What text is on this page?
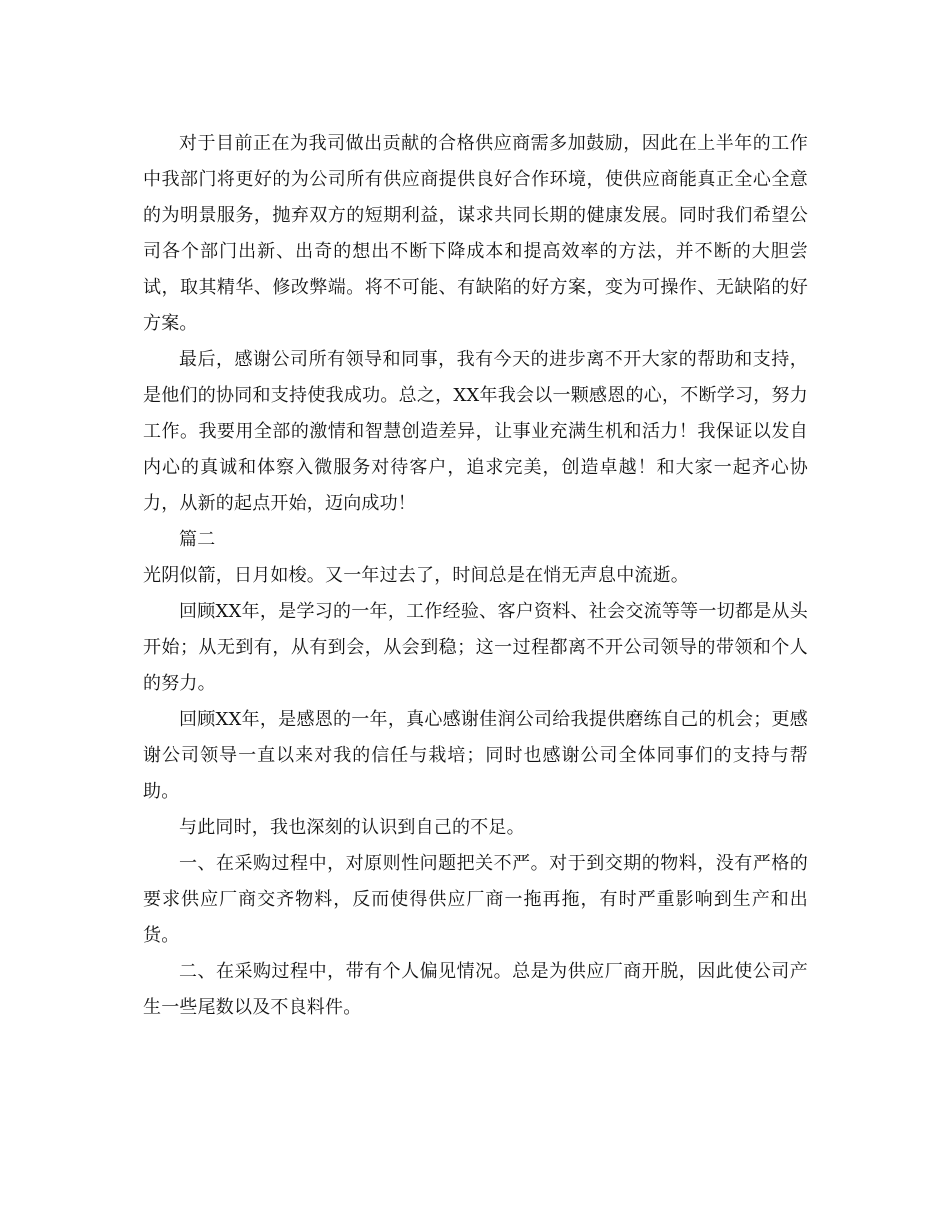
对于目前正在为我司做出贡献的合格供应商需多加鼓励，因此在上半年的工作中我部门将更好的为公司所有供应商提供良好合作环境，使供应商能真正全心全意的为明景服务，抛弃双方的短期利益，谋求共同长期的健康发展。同时我们希望公司各个部门出新、出奇的想出不断下降成本和提高效率的方法，并不断的大胆尝试，取其精华、修改弊端。将不可能、有缺陷的好方案，变为可操作、无缺陷的好方案。

最后，感谢公司所有领导和同事，我有今天的进步离不开大家的帮助和支持，是他们的协同和支持使我成功。总之，XX年我会以一颗感恩的心，不断学习，努力工作。我要用全部的激情和智慧创造差异，让事业充满生机和活力！我保证以发自内心的真诚和体察入微服务对待客户，追求完美，创造卓越！和大家一起齐心协力，从新的起点开始，迈向成功！

篇二

光阴似箭，日月如梭。又一年过去了，时间总是在悄无声息中流逝。

回顾XX年，是学习的一年，工作经验、客户资料、社会交流等等一切都是从头开始；从无到有，从有到会，从会到稳；这一过程都离不开公司领导的带领和个人的努力。

回顾XX年，是感恩的一年，真心感谢佳润公司给我提供磨练自己的机会；更感谢公司领导一直以来对我的信任与栽培；同时也感谢公司全体同事们的支持与帮助。

与此同时，我也深刻的认识到自己的不足。

一、在采购过程中，对原则性问题把关不严。对于到交期的物料，没有严格的要求供应厂商交齐物料，反而使得供应厂商一拖再拖，有时严重影响到生产和出货。

二、在采购过程中，带有个人偏见情况。总是为供应厂商开脱，因此使公司产生一些尾数以及不良料件。
